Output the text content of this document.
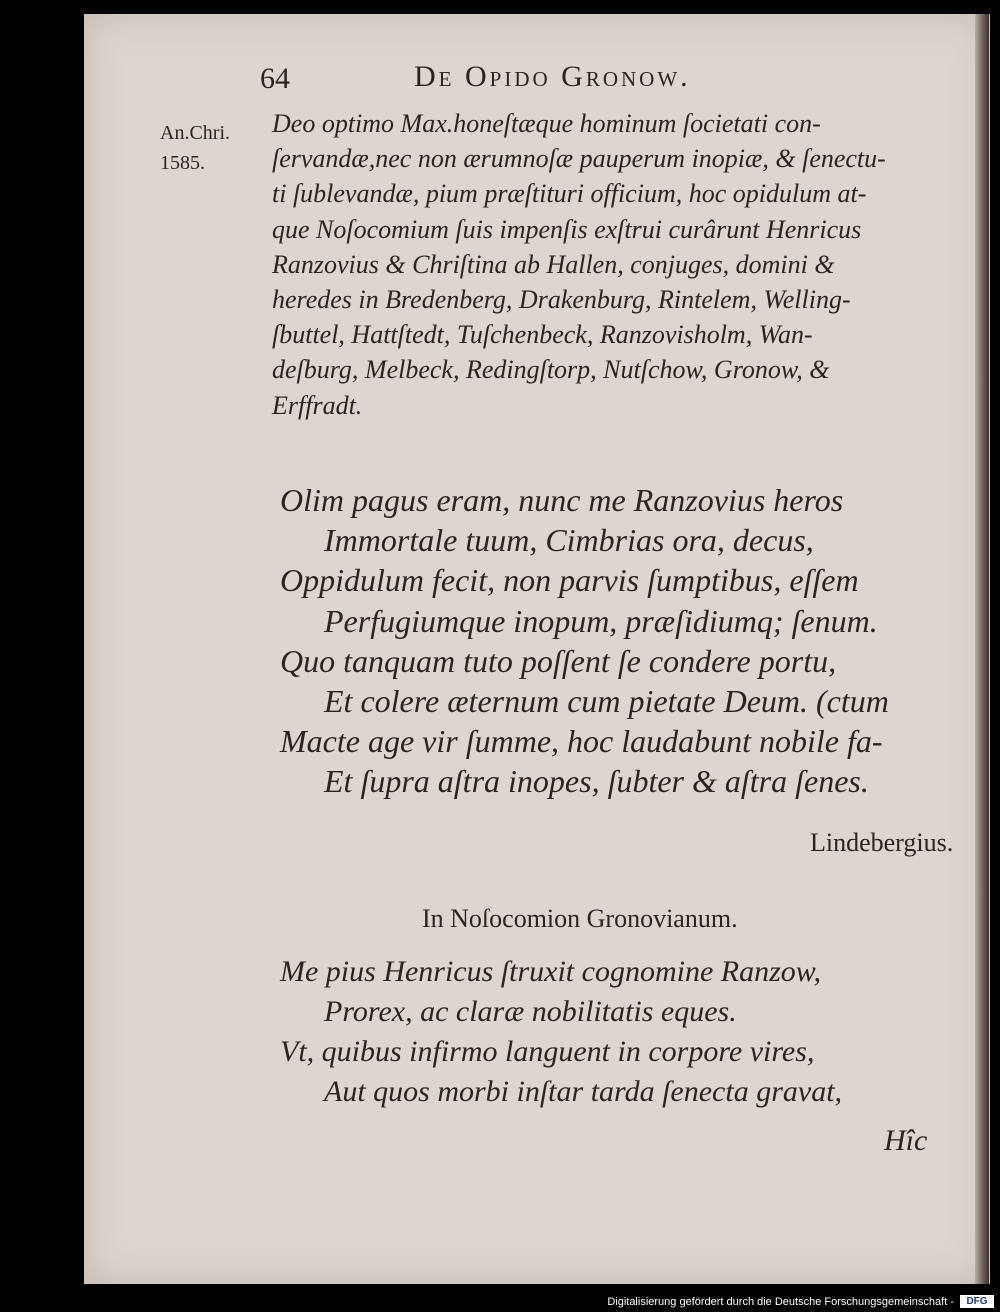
64	De Opido Gronow.
An.Chri.
1585.
Deo optimo Max.honeſtæque hominum ſocietati con-
ſervandæ,nec non ærumnoſæ pauperum inopiæ, & ſenectu-
ti ſublevandæ, pium præſtituri officium, hoc opidulum at-
que Noſocomium ſuis impenſis exſtrui curârunt Henricus
Ranzovius & Chriſtina ab Hallen, conjuges, domini &
heredes in Bredenberg, Drakenburg, Rintelem, Welling-
ſbuttel, Hattſtedt, Tuſchenbeck, Ranzovisholm, Wan-
deſburg, Melbeck, Redingſtorp, Nutſchow, Gronow, &
Erffradt.
Olim pagus eram, nunc me Ranzovius heros
Immortale tuum, Cimbrias ora, decus,
Oppidulum fecit, non parvis ſumptibus, eſſem
Perfugiumque inopum, præſidiumq; ſenum.
Quo tanquam tuto poſſent ſe condere portu,
Et colere æternum cum pietate Deum. (ctum
Macte age vir ſumme, hoc laudabunt nobile fa-
Et ſupra aſtra inopes, ſubter & aſtra ſenes.
Lindebergius.
In Noſocomion Gronovianum.
Me pius Henricus ſtruxit cognomine Ranzow,
Prorex, ac claræ nobilitatis eques.
Vt, quibus infirmo languent in corpore vires,
Aut quos morbi inſtar tarda ſenecta gravat,
Hîc
Digitalisierung gefördert durch die Deutsche Forschungsgemeinschaft -	DFG
